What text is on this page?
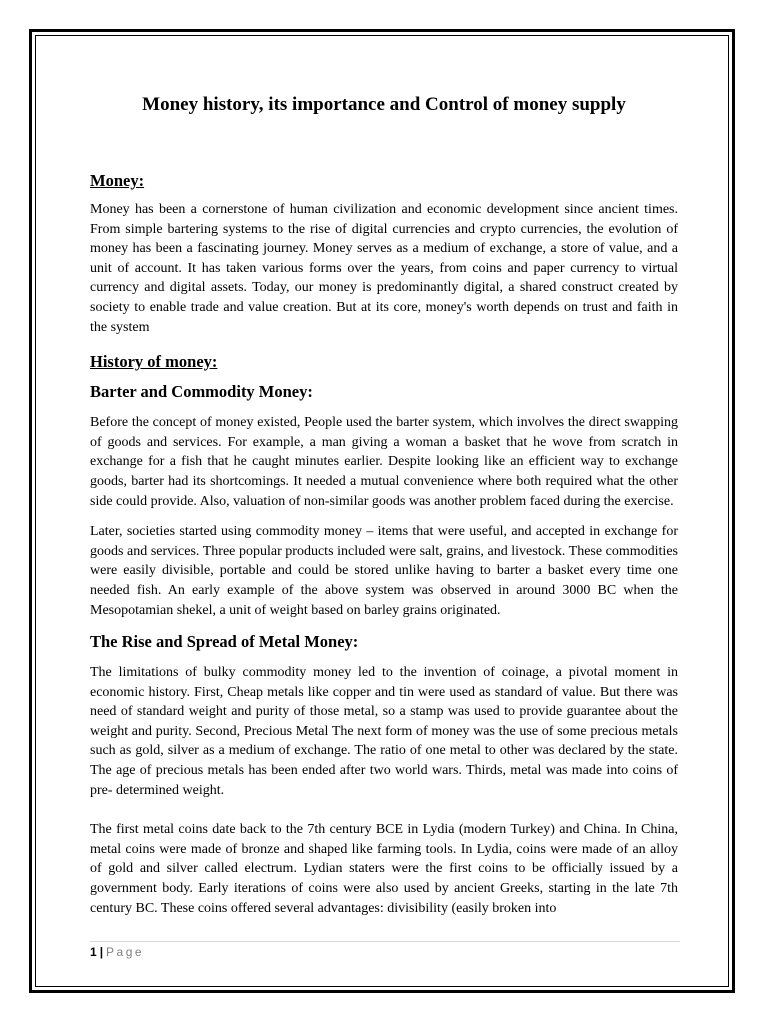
Money history, its importance and Control of money supply
Money:

Money has been a cornerstone of human civilization and economic development since ancient times. From simple bartering systems to the rise of digital currencies and crypto currencies, the evolution of money has been a fascinating journey. Money serves as a medium of exchange, a store of value, and a unit of account. It has taken various forms over the years, from coins and paper currency to virtual currency and digital assets. Today, our money is predominantly digital, a shared construct created by society to enable trade and value creation. But at its core, money's worth depends on trust and faith in the system

History of money:
Barter and Commodity Money:

Before the concept of money existed, People used the barter system, which involves the direct swapping of goods and services. For example, a man giving a woman a basket that he wove from scratch in exchange for a fish that he caught minutes earlier. Despite looking like an efficient way to exchange goods, barter had its shortcomings. It needed a mutual convenience where both required what the other side could provide. Also, valuation of non-similar goods was another problem faced during the exercise.

Later, societies started using commodity money – items that were useful, and accepted in exchange for goods and services. Three popular products included were salt, grains, and livestock. These commodities were easily divisible, portable and could be stored unlike having to barter a basket every time one needed fish. An early example of the above system was observed in around 3000 BC when the Mesopotamian shekel, a unit of weight based on barley grains originated.

The Rise and Spread of Metal Money:

The limitations of bulky commodity money led to the invention of coinage, a pivotal moment in economic history. First, Cheap metals like copper and tin were used as standard of value. But there was need of standard weight and purity of those metal, so a stamp was used to provide guarantee about the weight and purity. Second, Precious Metal The next form of money was the use of some precious metals such as gold, silver as a medium of exchange. The ratio of one metal to other was declared by the state. The age of precious metals has been ended after two world wars. Thirds, metal was made into coins of pre- determined weight.

The first metal coins date back to the 7th century BCE in Lydia (modern Turkey) and China. In China, metal coins were made of bronze and shaped like farming tools. In Lydia, coins were made of an alloy of gold and silver called electrum. Lydian staters were the first coins to be officially issued by a government body. Early iterations of coins were also used by ancient Greeks, starting in the late 7th century BC. These coins offered several advantages: divisibility (easily broken into

1 | Page
